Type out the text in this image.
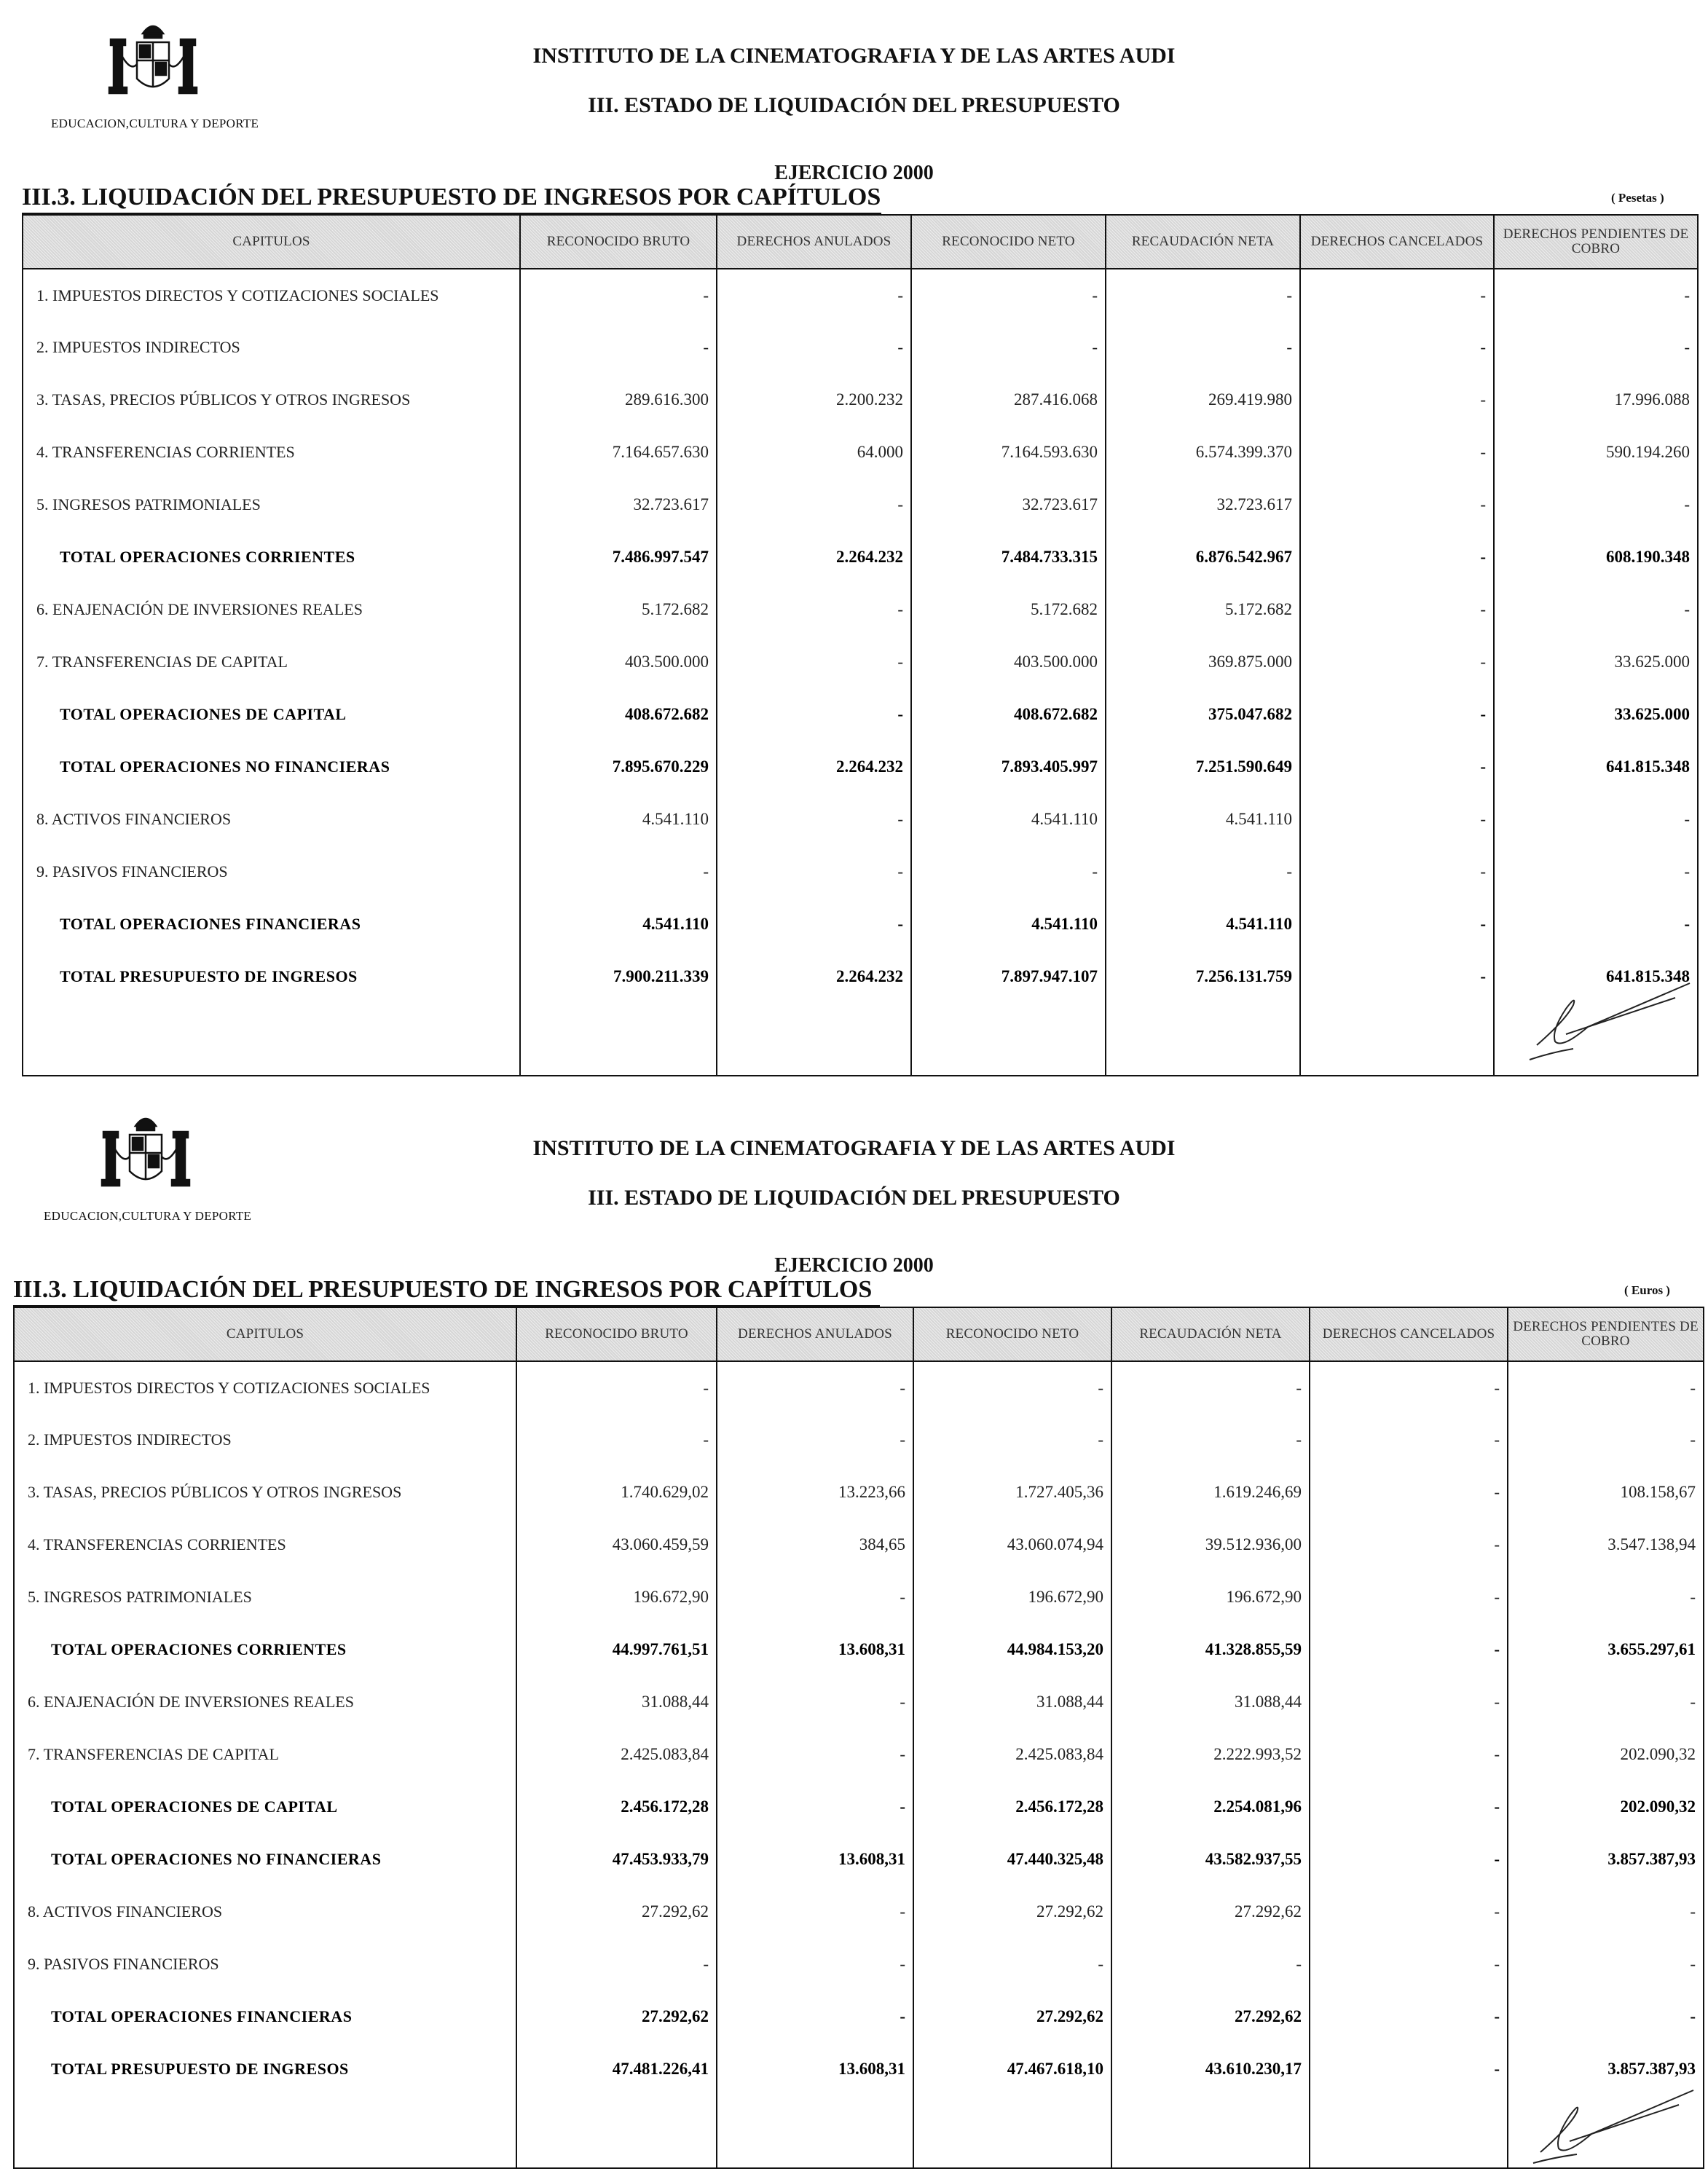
EDUCACION,CULTURA Y DEPORTE
INSTITUTO DE LA CINEMATOGRAFIA Y DE LAS ARTES AUDI
III. ESTADO DE LIQUIDACIÓN DEL PRESUPUESTO
EJERCICIO 2000
III.3. LIQUIDACIÓN DEL PRESUPUESTO DE INGRESOS POR CAPÍTULOS	( Pesetas )
CAPITULOS	RECONOCIDO BRUTO	DERECHOS ANULADOS	RECONOCIDO NETO	RECAUDACIÓN NETA	DERECHOS CANCELADOS	DERECHOS PENDIENTES DE COBRO
1. IMPUESTOS DIRECTOS Y COTIZACIONES SOCIALES	-	-	-	-	-	-
2. IMPUESTOS INDIRECTOS	-	-	-	-	-	-
3. TASAS, PRECIOS PÚBLICOS Y OTROS INGRESOS	289.616.300	2.200.232	287.416.068	269.419.980	-	17.996.088
4. TRANSFERENCIAS CORRIENTES	7.164.657.630	64.000	7.164.593.630	6.574.399.370	-	590.194.260
5. INGRESOS PATRIMONIALES	32.723.617	-	32.723.617	32.723.617	-	-
TOTAL OPERACIONES CORRIENTES	7.486.997.547	2.264.232	7.484.733.315	6.876.542.967	-	608.190.348
6. ENAJENACIÓN DE INVERSIONES REALES	5.172.682	-	5.172.682	5.172.682	-	-
7. TRANSFERENCIAS DE CAPITAL	403.500.000	-	403.500.000	369.875.000	-	33.625.000
TOTAL OPERACIONES DE CAPITAL	408.672.682	-	408.672.682	375.047.682	-	33.625.000
TOTAL OPERACIONES NO FINANCIERAS	7.895.670.229	2.264.232	7.893.405.997	7.251.590.649	-	641.815.348
8. ACTIVOS FINANCIEROS	4.541.110	-	4.541.110	4.541.110	-	-
9. PASIVOS FINANCIEROS	-	-	-	-	-	-
TOTAL OPERACIONES FINANCIERAS	4.541.110	-	4.541.110	4.541.110	-	-
TOTAL PRESUPUESTO DE INGRESOS	7.900.211.339	2.264.232	7.897.947.107	7.256.131.759	-	641.815.348

EDUCACION,CULTURA Y DEPORTE
INSTITUTO DE LA CINEMATOGRAFIA Y DE LAS ARTES AUDI
III. ESTADO DE LIQUIDACIÓN DEL PRESUPUESTO
EJERCICIO 2000
III.3. LIQUIDACIÓN DEL PRESUPUESTO DE INGRESOS POR CAPÍTULOS	( Euros )
CAPITULOS	RECONOCIDO BRUTO	DERECHOS ANULADOS	RECONOCIDO NETO	RECAUDACIÓN NETA	DERECHOS CANCELADOS	DERECHOS PENDIENTES DE COBRO
1. IMPUESTOS DIRECTOS Y COTIZACIONES SOCIALES	-	-	-	-	-	-
2. IMPUESTOS INDIRECTOS	-	-	-	-	-	-
3. TASAS, PRECIOS PÚBLICOS Y OTROS INGRESOS	1.740.629,02	13.223,66	1.727.405,36	1.619.246,69	-	108.158,67
4. TRANSFERENCIAS CORRIENTES	43.060.459,59	384,65	43.060.074,94	39.512.936,00	-	3.547.138,94
5. INGRESOS PATRIMONIALES	196.672,90	-	196.672,90	196.672,90	-	-
TOTAL OPERACIONES CORRIENTES	44.997.761,51	13.608,31	44.984.153,20	41.328.855,59	-	3.655.297,61
6. ENAJENACIÓN DE INVERSIONES REALES	31.088,44	-	31.088,44	31.088,44	-	-
7. TRANSFERENCIAS DE CAPITAL	2.425.083,84	-	2.425.083,84	2.222.993,52	-	202.090,32
TOTAL OPERACIONES DE CAPITAL	2.456.172,28	-	2.456.172,28	2.254.081,96	-	202.090,32
TOTAL OPERACIONES NO FINANCIERAS	47.453.933,79	13.608,31	47.440.325,48	43.582.937,55	-	3.857.387,93
8. ACTIVOS FINANCIEROS	27.292,62	-	27.292,62	27.292,62	-	-
9. PASIVOS FINANCIEROS	-	-	-	-	-	-
TOTAL OPERACIONES FINANCIERAS	27.292,62	-	27.292,62	27.292,62	-	-
TOTAL PRESUPUESTO DE INGRESOS	47.481.226,41	13.608,31	47.467.618,10	43.610.230,17	-	3.857.387,93
